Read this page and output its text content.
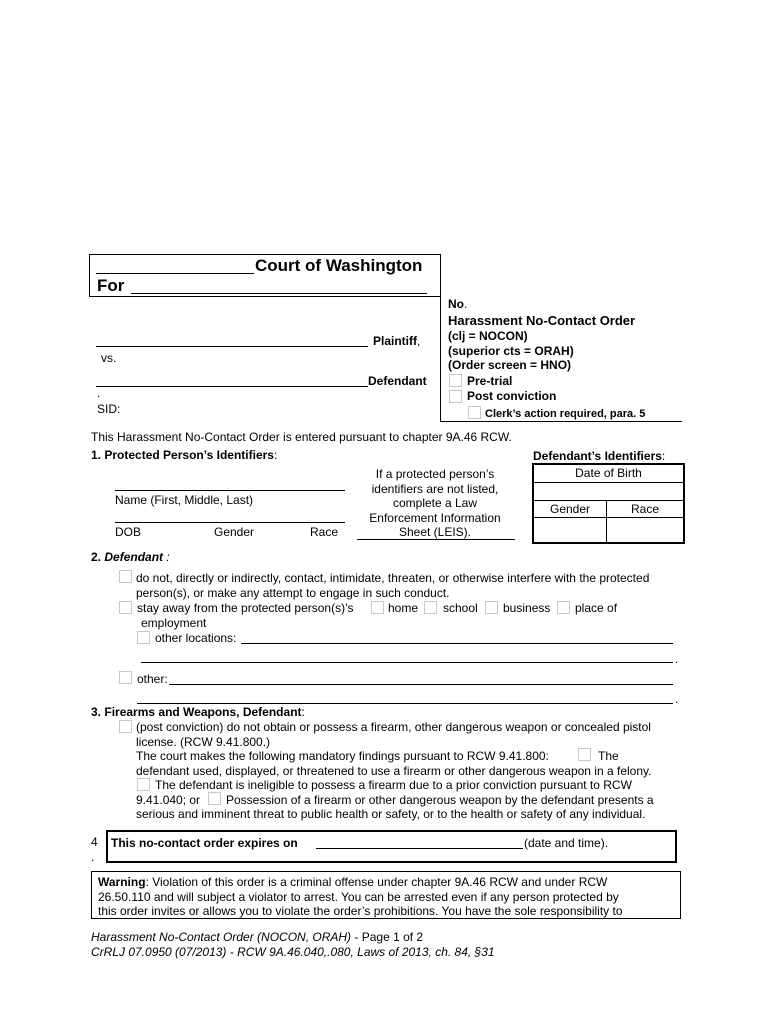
Court of Washington
For
Plaintiff,
vs.
Defendant
.
SID:
No.
Harassment No-Contact Order
(clj = NOCON)
(superior cts = ORAH)
(Order screen = HNO)
Pre-trial
Post conviction
Clerk’s action required, para. 5
This Harassment No-Contact Order is entered pursuant to chapter 9A.46 RCW.
1. Protected Person’s Identifiers:
Name (First, Middle, Last)
DOB	Gender	Race
If a protected person’s
identifiers are not listed,
complete a Law
Enforcement Information
Sheet (LEIS).
Defendant’s Identifiers:
Date of Birth
Gender	Race
2. Defendant :
do not, directly or indirectly, contact, intimidate, threaten, or otherwise interfere with the protected
person(s), or make any attempt to engage in such conduct.
stay away from the protected person(s)’s	home school business place of
employment
other locations:
.
other:
.
3. Firearms and Weapons, Defendant:
(post conviction) do not obtain or possess a firearm, other dangerous weapon or concealed pistol
license. (RCW 9.41.800.)
The court makes the following mandatory findings pursuant to RCW 9.41.800:	The
defendant used, displayed, or threatened to use a firearm or other dangerous weapon in a felony.
The defendant is ineligible to possess a firearm due to a prior conviction pursuant to RCW
9.41.040; or Possession of a firearm or other dangerous weapon by the defendant presents a
serious and imminent threat to public health or safety, or to the health or safety of any individual.
4
.
This no-contact order expires on	(date and time).
Warning: Violation of this order is a criminal offense under chapter 9A.46 RCW and under RCW
26.50.110 and will subject a violator to arrest. You can be arrested even if any person protected by
this order invites or allows you to violate the order’s prohibitions. You have the sole responsibility to
Harassment No-Contact Order (NOCON, ORAH) - Page 1 of 2
CrRLJ 07.0950 (07/2013) - RCW 9A.46.040,.080, Laws of 2013, ch. 84, §31
